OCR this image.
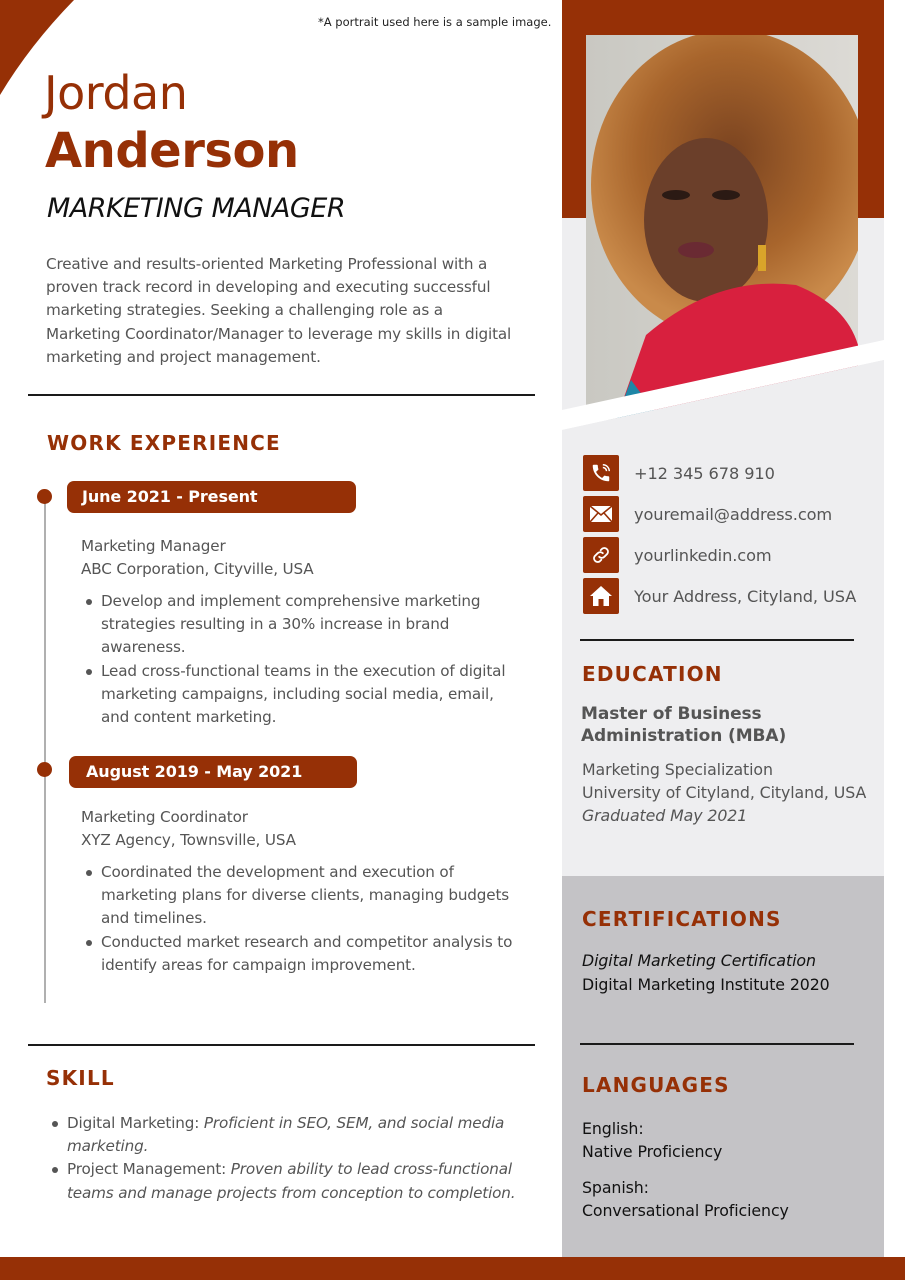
*A portrait used here is a sample image.
Jordan
Anderson
MARKETING MANAGER
Creative and results-oriented Marketing Professional with a proven track record in developing and executing successful marketing strategies. Seeking a challenging role as a Marketing Coordinator/Manager to leverage my skills in digital marketing and project management.
WORK EXPERIENCE
June 2021 - Present
Marketing Manager
ABC Corporation, Cityville, USA
Develop and implement comprehensive marketing strategies resulting in a 30% increase in brand awareness.
Lead cross-functional teams in the execution of digital marketing campaigns, including social media, email, and content marketing.
August 2019 - May 2021
Marketing Coordinator
XYZ Agency, Townsville, USA
Coordinated the development and execution of marketing plans for diverse clients, managing budgets and timelines.
Conducted market research and competitor analysis to identify areas for campaign improvement.
SKILL
Digital Marketing: Proficient in SEO, SEM, and social media marketing.
Project Management: Proven ability to lead cross-functional teams and manage projects from conception to completion.
+12 345 678 910
youremail@address.com
yourlinkedin.com
Your Address, Cityland, USA
EDUCATION
Master of Business Administration (MBA)
Marketing Specialization
University of Cityland, Cityland, USA
Graduated May 2021
CERTIFICATIONS
Digital Marketing Certification
Digital Marketing Institute 2020
LANGUAGES
English:
Native Proficiency
Spanish:
Conversational Proficiency
